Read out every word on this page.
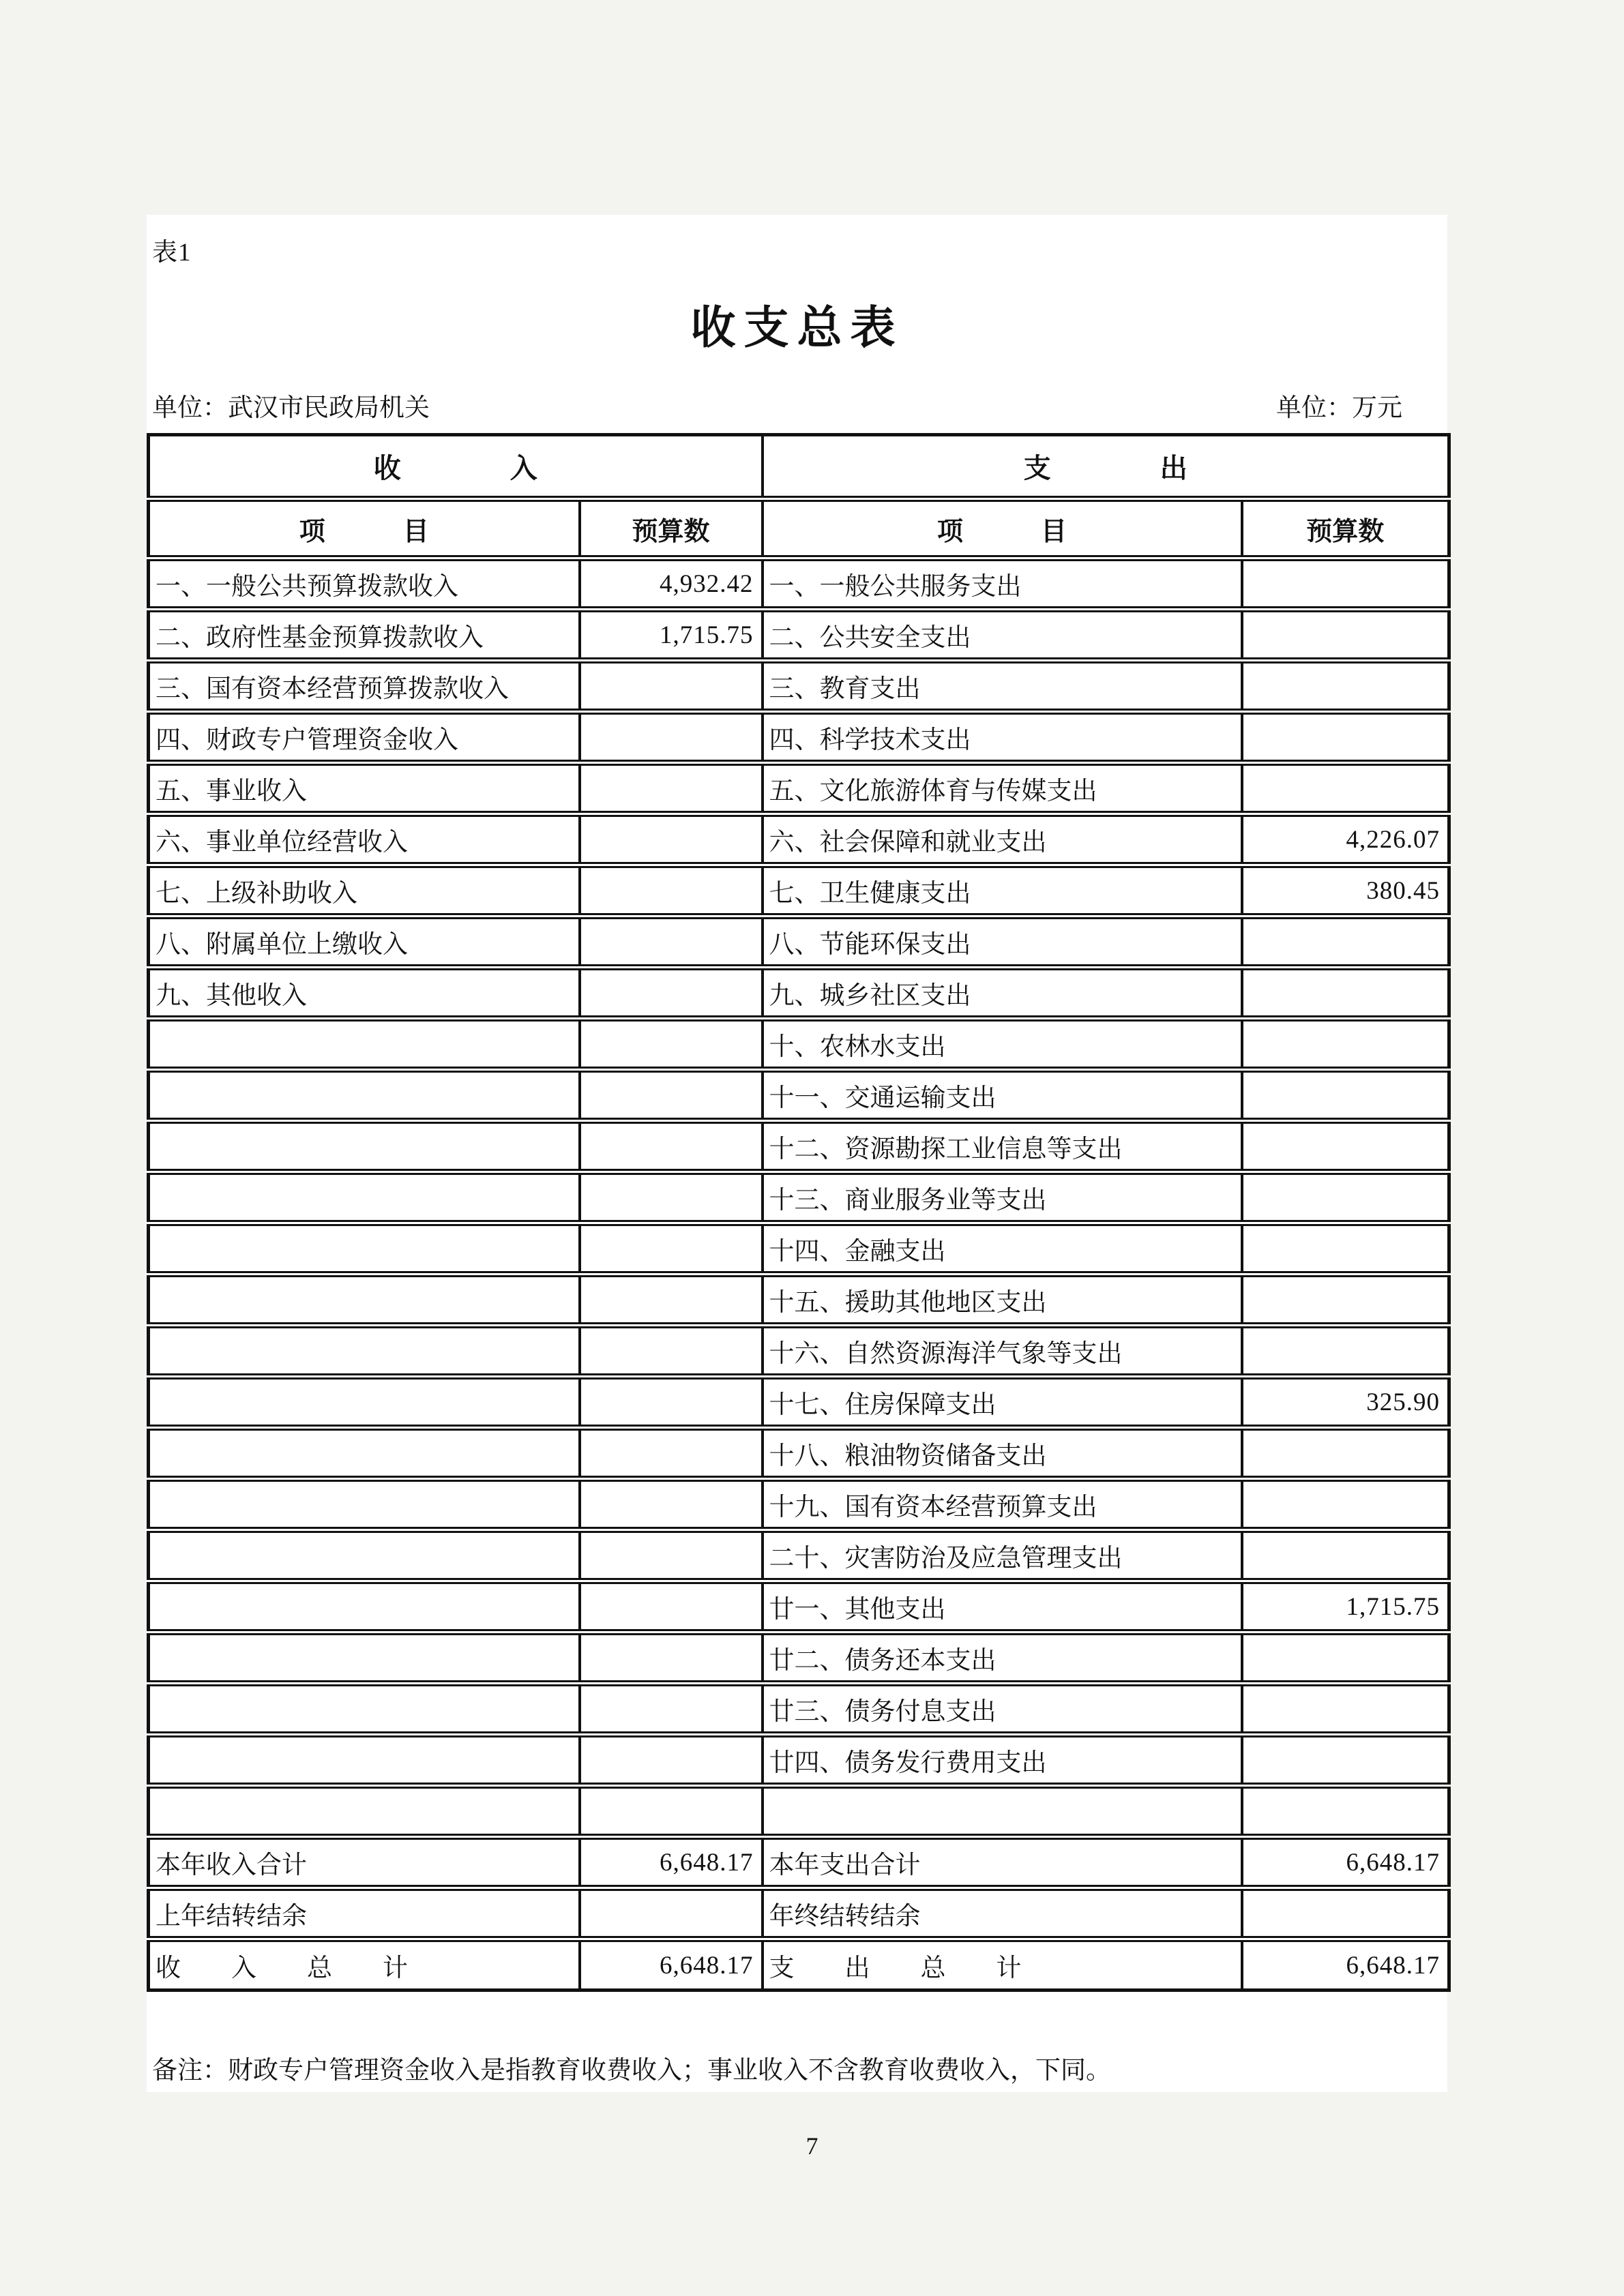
表1
收支总表
单位：武汉市民政局机关	单位：万元
收　　　　入		支　　　　出	
项　　　目	预算数	项　　　目	预算数
一、一般公共预算拨款收入	4,932.42	一、一般公共服务支出	
二、政府性基金预算拨款收入	1,715.75	二、公共安全支出	
三、国有资本经营预算拨款收入		三、教育支出	
四、财政专户管理资金收入		四、科学技术支出	
五、事业收入		五、文化旅游体育与传媒支出	
六、事业单位经营收入		六、社会保障和就业支出	4,226.07
七、上级补助收入		七、卫生健康支出	380.45
八、附属单位上缴收入		八、节能环保支出	
九、其他收入		九、城乡社区支出	
		十、农林水支出	
		十一、交通运输支出	
		十二、资源勘探工业信息等支出	
		十三、商业服务业等支出	
		十四、金融支出	
		十五、援助其他地区支出	
		十六、自然资源海洋气象等支出	
		十七、住房保障支出	325.90
		十八、粮油物资储备支出	
		十九、国有资本经营预算支出	
		二十、灾害防治及应急管理支出	
		廿一、其他支出	1,715.75
		廿二、债务还本支出	
		廿三、债务付息支出	
		廿四、债务发行费用支出	

本年收入合计	6,648.17	本年支出合计	6,648.17
上年结转结余		年终结转结余	
收　　入　　总　　计	6,648.17	支　　出　　总　　计	6,648.17
备注：财政专户管理资金收入是指教育收费收入；事业收入不含教育收费收入，下同。
7
